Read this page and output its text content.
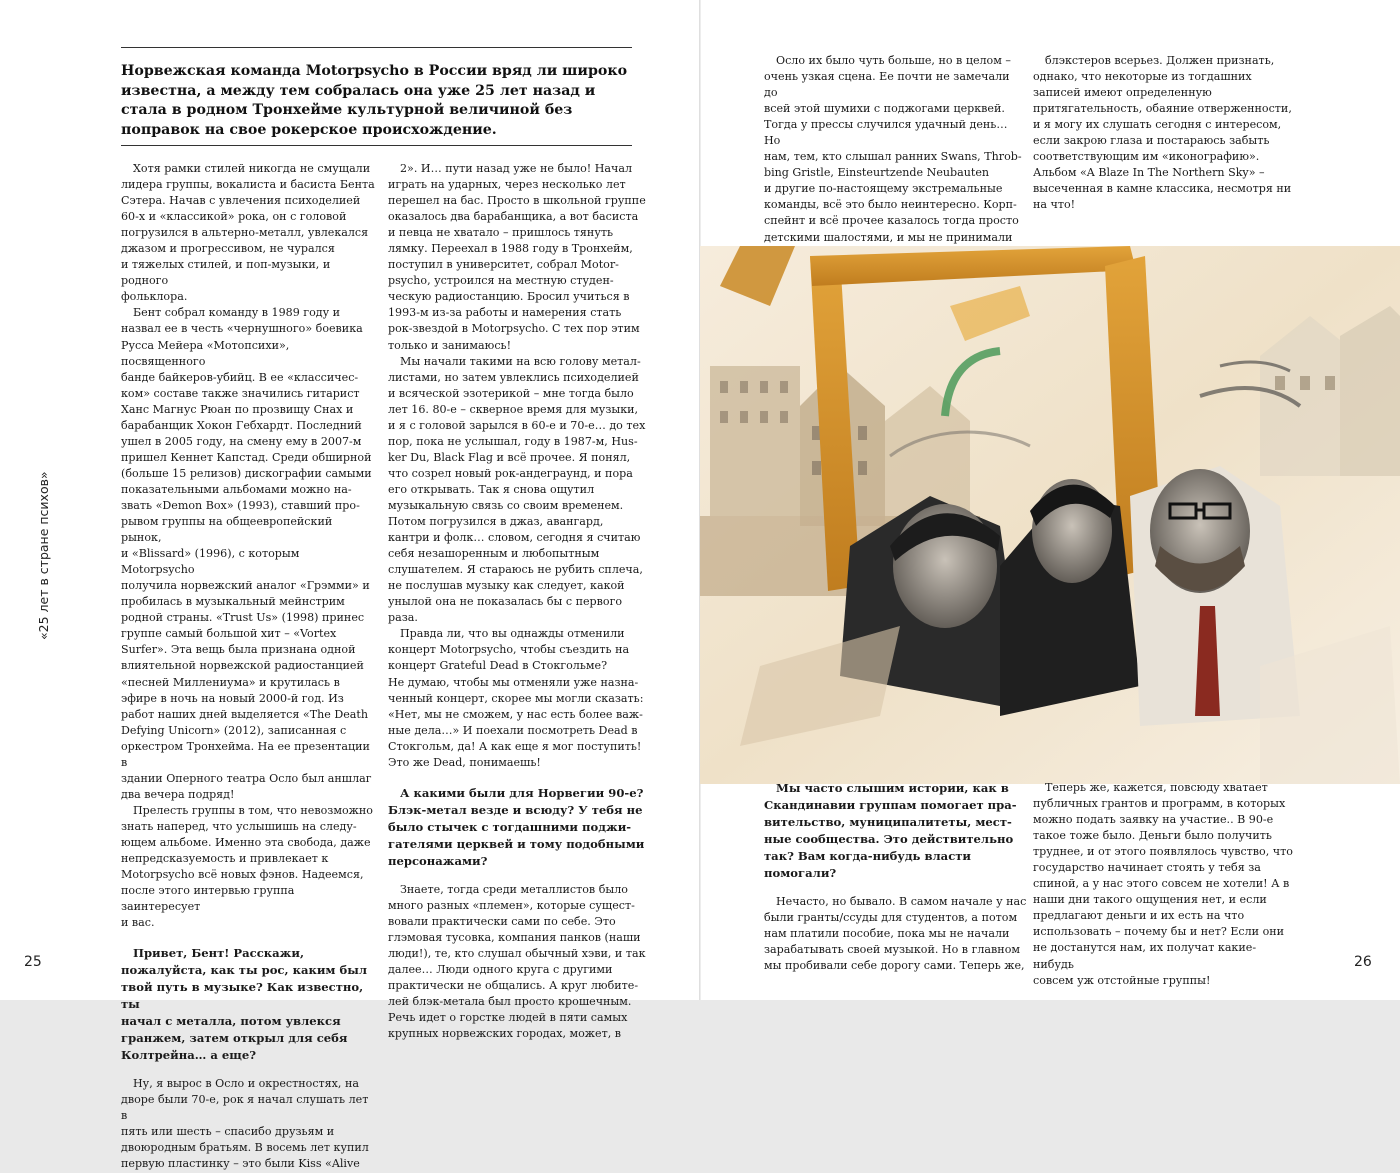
«25 лет в стране психов»

Норвежская команда Motorpsycho в России вряд ли широко известна, а между тем собралась она уже 25 лет назад и стала в родном Тронхейме культурной величиной без поправок на свое рокерское происхождение.

Хотя рамки стилей никогда не смущали
лидера группы, вокалиста и басиста Бента
Сэтера. Начав с увлечения психоделией
60-х и «классикой» рока, он с головой
погрузился в альтерно-металл, увлекался
джазом и прогрессивом, не чурался
и тяжелых стилей, и поп-музыки, и родного
фольклора.

Бент собрал команду в 1989 году и
назвал ее в честь «чернушного» боевика
Русса Мейера «Мотопсихи», посвященного
банде байкеров-убийц. В ее «классичес-
ком» составе также значились гитарист
Ханс Магнус Рюан по прозвищу Снах и
барабанщик Хокон Гебхардт. Последний
ушел в 2005 году, на смену ему в 2007-м
пришел Кеннет Капстад. Среди обширной
(больше 15 релизов) дискографии самыми
показательными альбомами можно на-
звать «Demon Box» (1993), ставший про-
рывом группы на общеевропейский рынок,
и «Blissard» (1996), с которым Motorpsycho
получила норвежский аналог «Грэмми» и
пробилась в музыкальный мейнстрим
родной страны. «Trust Us» (1998) принес
группе самый большой хит – «Vortex
Surfer». Эта вещь была признана одной
влиятельной норвежской радиостанцией
«песней Миллениума» и крутилась в
эфире в ночь на новый 2000-й год. Из
работ наших дней выделяется «The Death
Defying Unicorn» (2012), записанная с
оркестром Тронхейма. На ее презентации в
здании Оперного театра Осло был аншлаг
два вечера подряд!

Прелесть группы в том, что невозможно
знать наперед, что услышишь на следу-
ющем альбоме. Именно эта свобода, даже
непредсказуемость и привлекает к
Motorpsycho всё новых фэнов. Надеемся,
после этого интервью группа заинтересует
и вас.

Привет, Бент! Расскажи,
пожалуйста, как ты рос, каким был
твой путь в музыке? Как известно, ты
начал с металла, потом увлекся
гранжем, затем открыл для себя
Колтрейна… а еще?

Ну, я вырос в Осло и окрестностях, на
дворе были 70-е, рок я начал слушать лет в
пять или шесть – спасибо друзьям и
двоюродным братьям. В восемь лет купил
первую пластинку – это были Kiss «Alive

2». И… пути назад уже не было! Начал
играть на ударных, через несколько лет
перешел на бас. Просто в школьной группе
оказалось два барабанщика, а вот басиста
и певца не хватало – пришлось тянуть
лямку. Переехал в 1988 году в Тронхейм,
поступил в университет, собрал Motor-
psycho, устроился на местную студен-
ческую радиостанцию. Бросил учиться в
1993-м из-за работы и намерения стать
рок-звездой в Motorpsycho. С тех пор этим
только и занимаюсь!

Мы начали такими на всю голову метал-
листами, но затем увлеклись психоделией
и всяческой эзотерикой – мне тогда было
лет 16. 80-е – скверное время для музыки,
и я с головой зарылся в 60-е и 70-е… до тех
пор, пока не услышал, году в 1987-м, Hus-
ker Du, Black Flag и всё прочее. Я понял,
что созрел новый рок-андеграунд, и пора
его открывать. Так я снова ощутил
музыкальную связь со своим временем.
Потом погрузился в джаз, авангард,
кантри и фолк… словом, сегодня я считаю
себя незашоренным и любопытным
слушателем. Я стараюсь не рубить сплеча,
не послушав музыку как следует, какой
унылой она не показалась бы с первого
раза.

Правда ли, что вы однажды отменили
концерт Motorpsycho, чтобы съездить на
концерт Grateful Dead в Стокгольме?
Не думаю, чтобы мы отменяли уже назна-
ченный концерт, скорее мы могли сказать:
«Нет, мы не сможем, у нас есть более важ-
ные дела…» И поехали посмотреть Dead в
Стокгольм, да! А как еще я мог поступить!
Это же Dead, понимаешь!

А какими были для Норвегии 90-е?
Блэк-метал везде и всюду? У тебя не
было стычек с тогдашними поджи-
гателями церквей и тому подобными
персонажами?

Знаете, тогда среди металлистов было
много разных «племен», которые сущест-
вовали практически сами по себе. Это
глэмовая тусовка, компания панков (наши
люди!), те, кто слушал обычный хэви, и так
далее… Люди одного круга с другими
практически не общались. А круг любите-
лей блэк-метала был просто крошечным.
Речь идет о горстке людей в пяти самых
крупных норвежских городах, может, в

Осло их было чуть больше, но в целом –
очень узкая сцена. Ее почти не замечали до
всей этой шумихи с поджогами церквей.
Тогда у прессы случился удачный день… Но
нам, тем, кто слышал ранних Swans, Throb-
bing Gristle, Einsteurtzende Neubauten
и другие по-настоящему экстремальные
команды, всё это было неинтересно. Корп-
спейнт и всё прочее казалось тогда просто
детскими шалостями, и мы не принимали

блэкстеров всерьез. Должен признать,
однако, что некоторые из тогдашних
записей имеют определенную
притягательность, обаяние отверженности,
и я могу их слушать сегодня с интересом,
если закрою глаза и постараюсь забыть
соответствующим им «иконографию».
Альбом «A Blaze In The Northern Sky» –
высеченная в камне классика, несмотря ни
на что!

Мы часто слышим истории, как в
Скандинавии группам помогает пра-
вительство, муниципалитеты, мест-
ные сообщества. Это действительно
так? Вам когда-нибудь власти
помогали?

Нечасто, но бывало. В самом начале у нас
были гранты/ссуды для студентов, а потом
нам платили пособие, пока мы не начали
зарабатывать своей музыкой. Но в главном
мы пробивали себе дорогу сами. Теперь же,

Теперь же, кажется, повсюду хватает
публичных грантов и программ, в которых
можно подать заявку на участие.. В 90-е
такое тоже было. Деньги было получить
труднее, и от этого появлялось чувство, что
государство начинает стоять у тебя за
спиной, а у нас этого совсем не хотели! А в
наши дни такого ощущения нет, и если
предлагают деньги и их есть на что
использовать – почему бы и нет? Если они
не достанутся нам, их получат какие-нибудь
совсем уж отстойные группы!

25	26
